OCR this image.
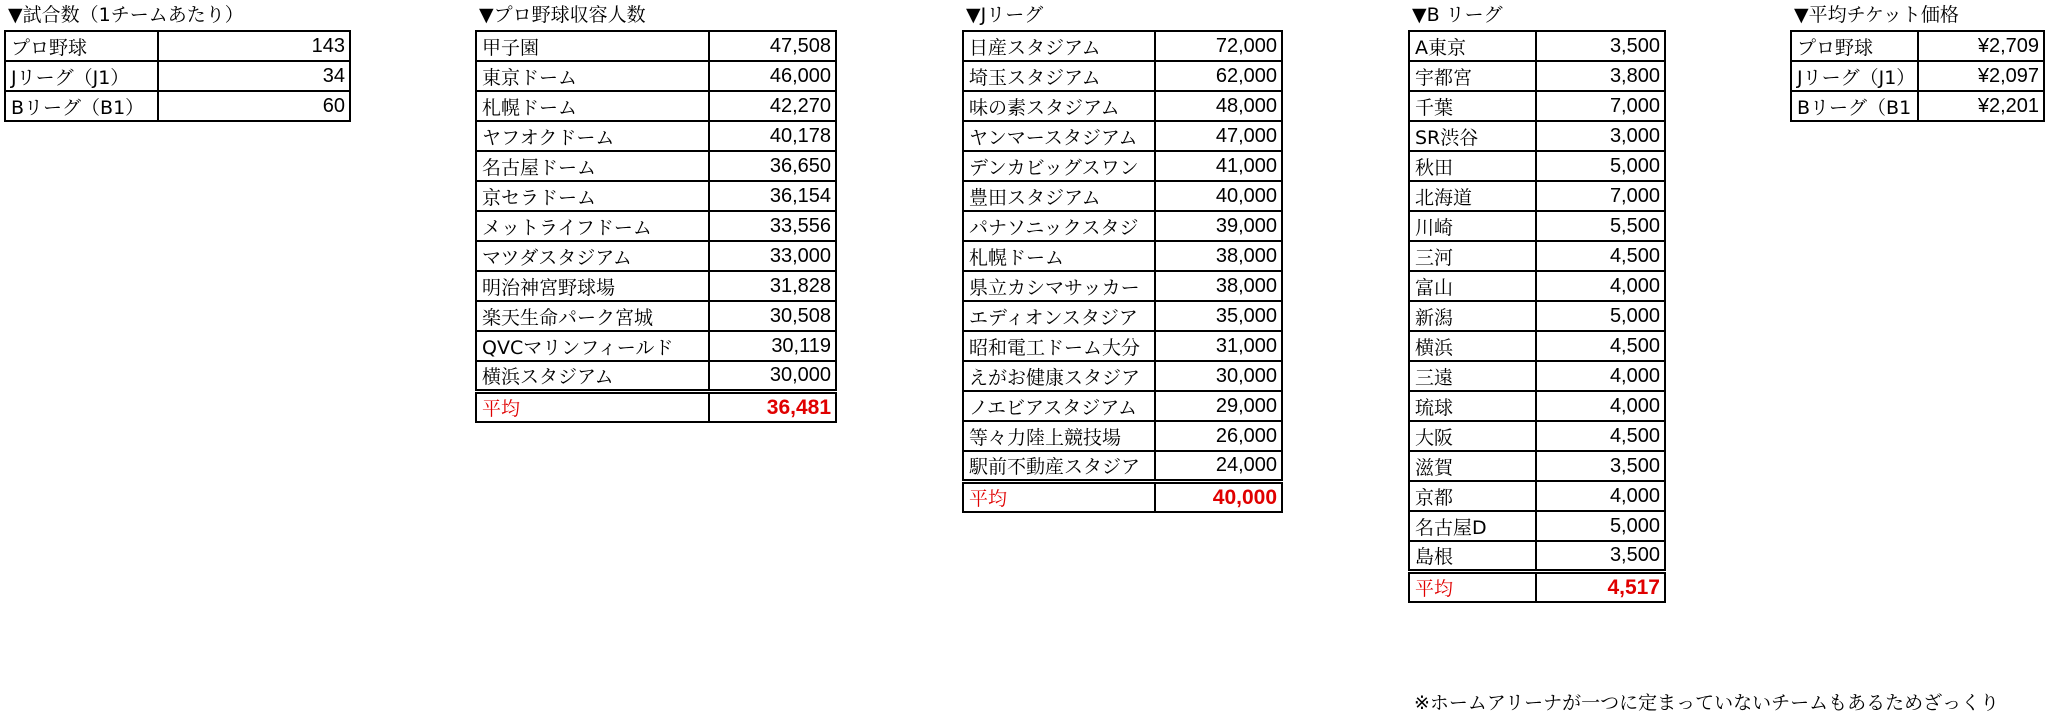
▼試合数（1チームあたり）
プロ野球	143
Jリーグ（J1）	34
Bリーグ（B1）	60
▼プロ野球収容人数
甲子園	47,508
東京ドーム	46,000
札幌ドーム	42,270
ヤフオクドーム	40,178
名古屋ドーム	36,650
京セラドーム	36,154
メットライフドーム	33,556
マツダスタジアム	33,000
明治神宮野球場	31,828
楽天生命パーク宮城	30,508
QVCマリンフィールド	30,119
横浜スタジアム	30,000
平均	36,481
▼Jリーグ
日産スタジアム	72,000
埼玉スタジアム	62,000
味の素スタジアム	48,000
ヤンマースタジアム	47,000
デンカビッグスワン	41,000
豊田スタジアム	40,000
パナソニックスタジ	39,000
札幌ドーム	38,000
県立カシマサッカー	38,000
エディオンスタジア	35,000
昭和電工ドーム大分	31,000
えがお健康スタジア	30,000
ノエビアスタジアム	29,000
等々力陸上競技場	26,000
駅前不動産スタジア	24,000
平均	40,000
▼B リーグ
A東京	3,500
宇都宮	3,800
千葉	7,000
SR渋谷	3,000
秋田	5,000
北海道	7,000
川崎	5,500
三河	4,500
富山	4,000
新潟	5,000
横浜	4,500
三遠	4,000
琉球	4,000
大阪	4,500
滋賀	3,500
京都	4,000
名古屋D	5,000
島根	3,500
平均	4,517
※ホームアリーナが一つに定まっていないチームもあるためざっくり
▼平均チケット価格
プロ野球	¥2,709
Jリーグ（J1）	¥2,097
Bリーグ（B1	¥2,201
